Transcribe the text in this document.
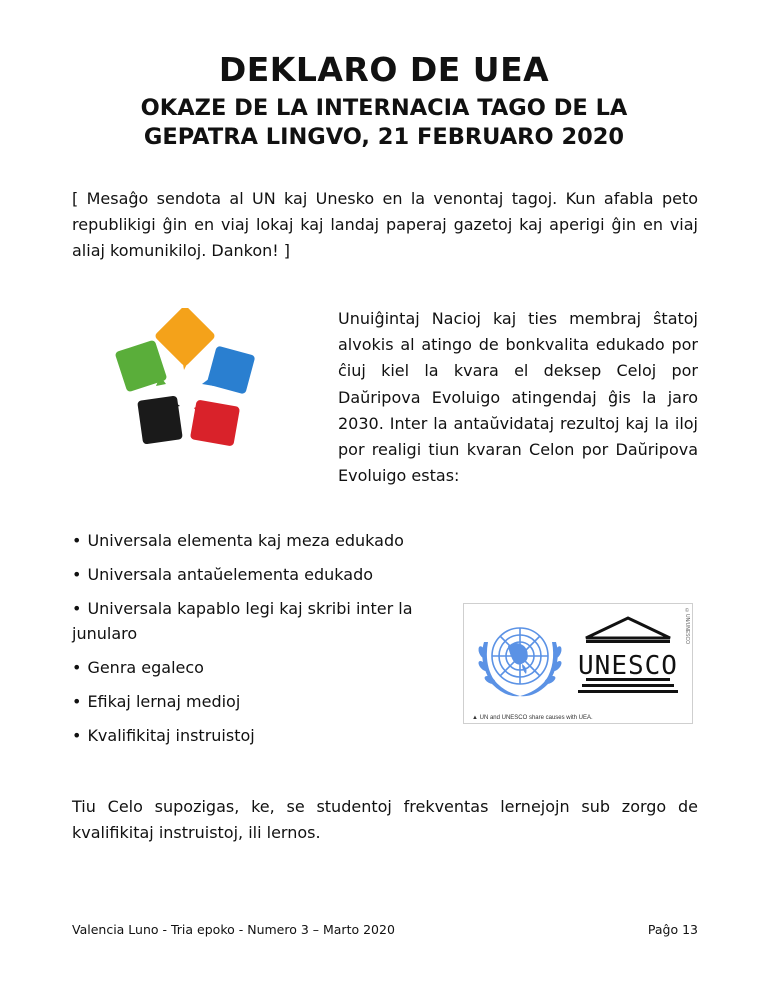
DEKLARO DE UEA
OKAZE DE LA INTERNACIA TAGO DE LA
GEPATRA LINGVO, 21 FEBRUARO 2020
[ Mesaĝo sendota al UN kaj Unesko en la venontaj tagoj. Kun afabla peto republikigi ĝin en viaj lokaj kaj landaj paperaj gazetoj kaj aperigi ĝin en viaj aliaj komunikiloj. Dankon! ]
Unuiĝintaj Nacioj kaj ties membraj ŝtatoj alvokis al atingo de bonkvalita edukado por ĉiuj kiel la kvara el deksep Celoj por Daŭripova Evoluigo atingendaj ĝis la jaro 2030. Inter la antaŭvidataj rezultoj kaj la iloj por realigi tiun kvaran Celon por Daŭripova Evoluigo estas:
• Universala elementa kaj meza edukado
• Universala antaŭelementa edukado
• Universala kapablo legi kaj skribi inter la junularo
• Genra egaleco
• Efikaj lernaj medioj
• Kvalifikitaj instruistoj
UNESCO
▲ UN and UNESCO share causes with UEA.
©UN/UNESCO
Tiu Celo supozigas, ke, se studentoj frekventas lernejojn sub zorgo de kvalifikitaj instruistoj, ili lernos.
Valencia Luno - Tria epoko - Numero 3 – Marto 2020	Paĝo 13
